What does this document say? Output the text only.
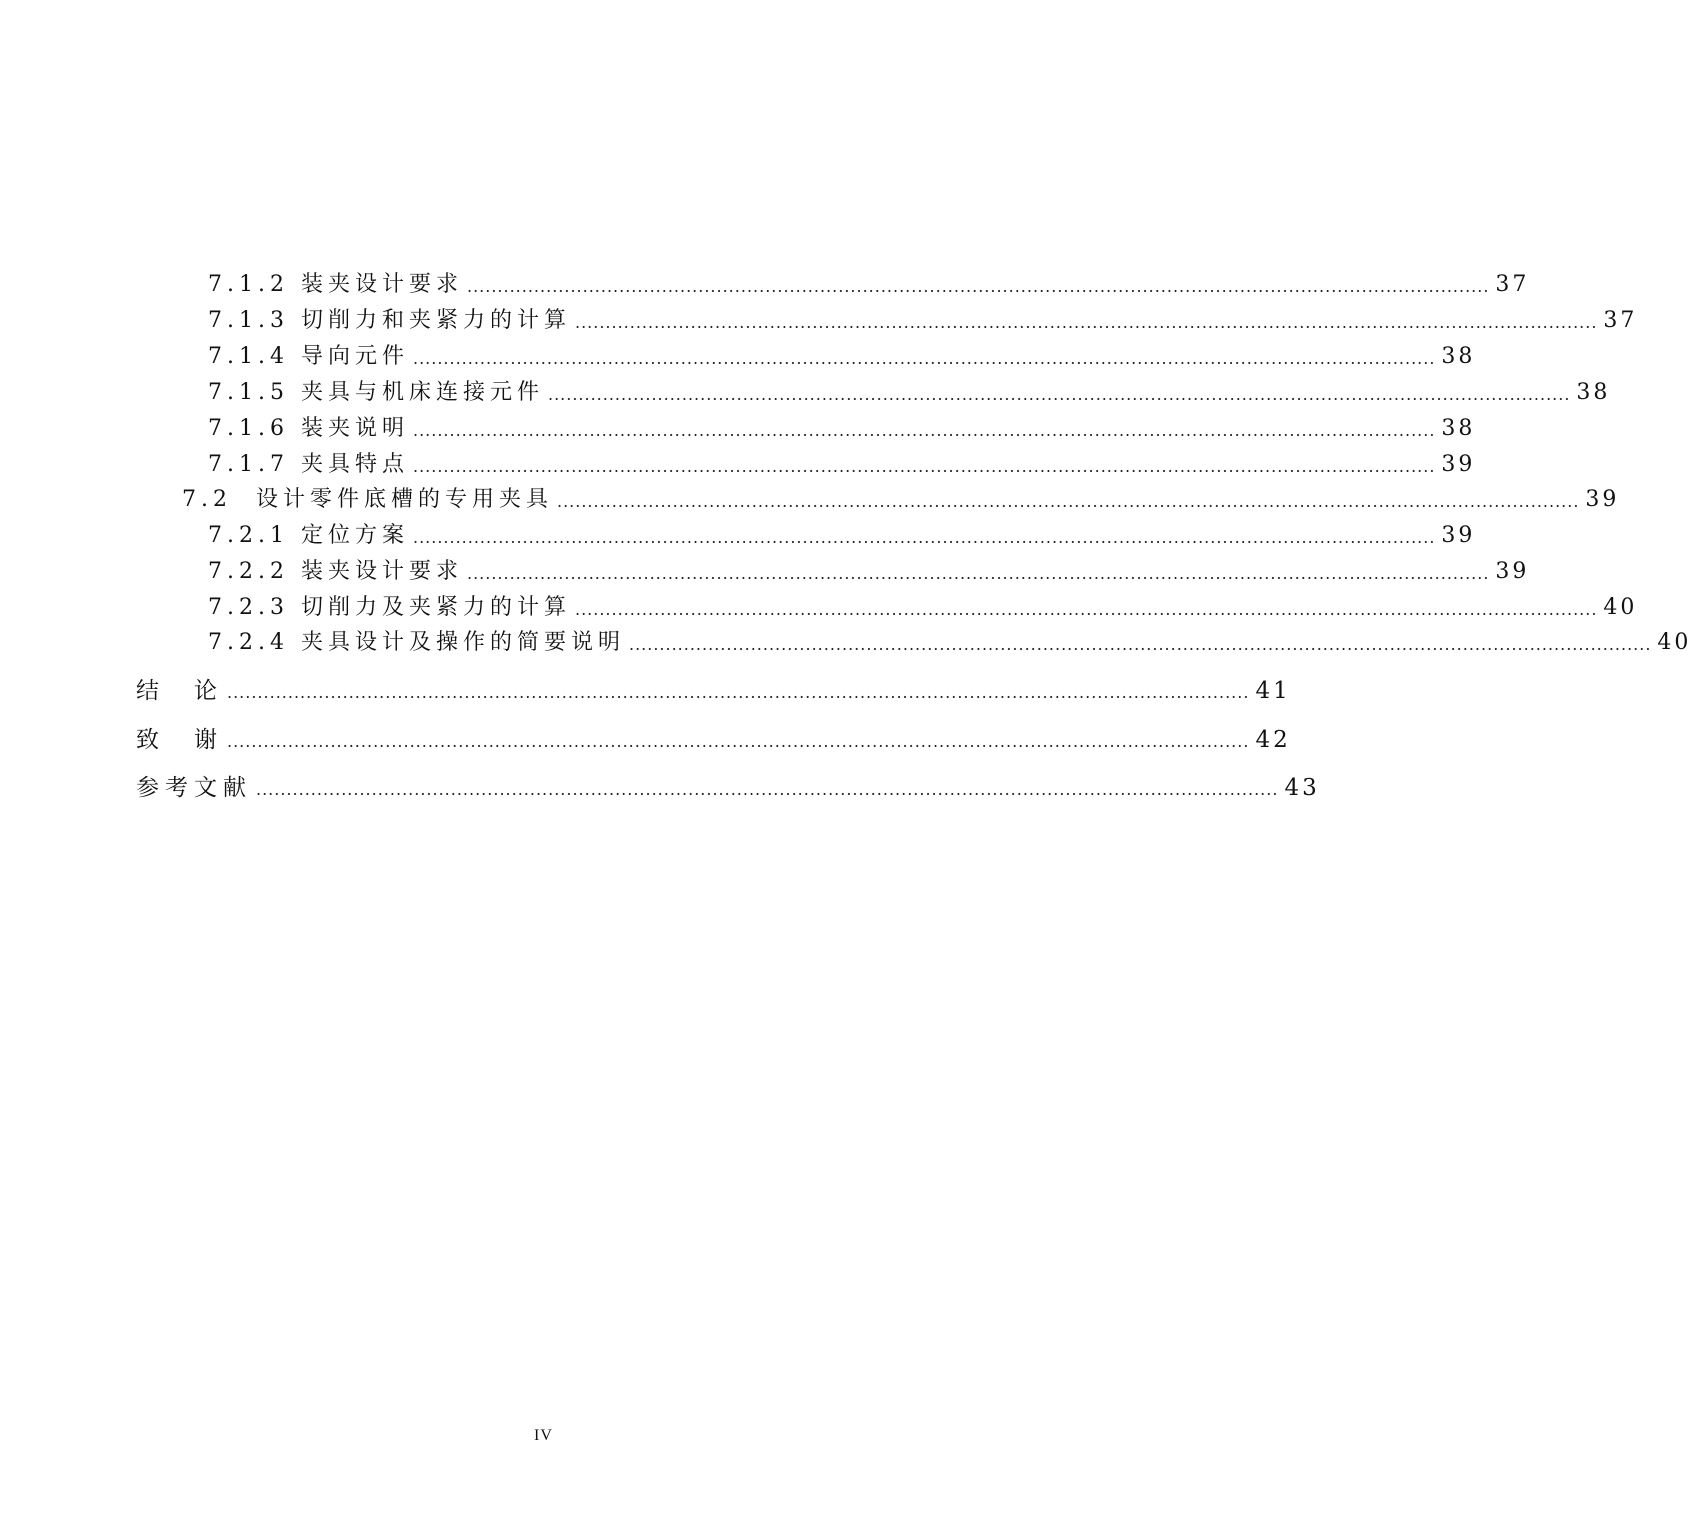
7.1.2 装夹设计要求 ........................................................................................................................................................................ 37
7.1.3 切削力和夹紧力的计算 ........................................................................................................................................................................ 37
7.1.4 导向元件 ........................................................................................................................................................................ 38
7.1.5 夹具与机床连接元件 ........................................................................................................................................................................ 38
7.1.6 装夹说明 ........................................................................................................................................................................ 38
7.1.7 夹具特点 ........................................................................................................................................................................ 39
7.2  设计零件底槽的专用夹具 ........................................................................................................................................................................ 39
7.2.1 定位方案 ........................................................................................................................................................................ 39
7.2.2 装夹设计要求 ........................................................................................................................................................................ 39
7.2.3 切削力及夹紧力的计算 ........................................................................................................................................................................ 40
7.2.4 夹具设计及操作的简要说明 ........................................................................................................................................................................ 40
结　论 ........................................................................................................................................................................ 41
致　谢 ........................................................................................................................................................................ 42
参考文献 ........................................................................................................................................................................ 43
IV
